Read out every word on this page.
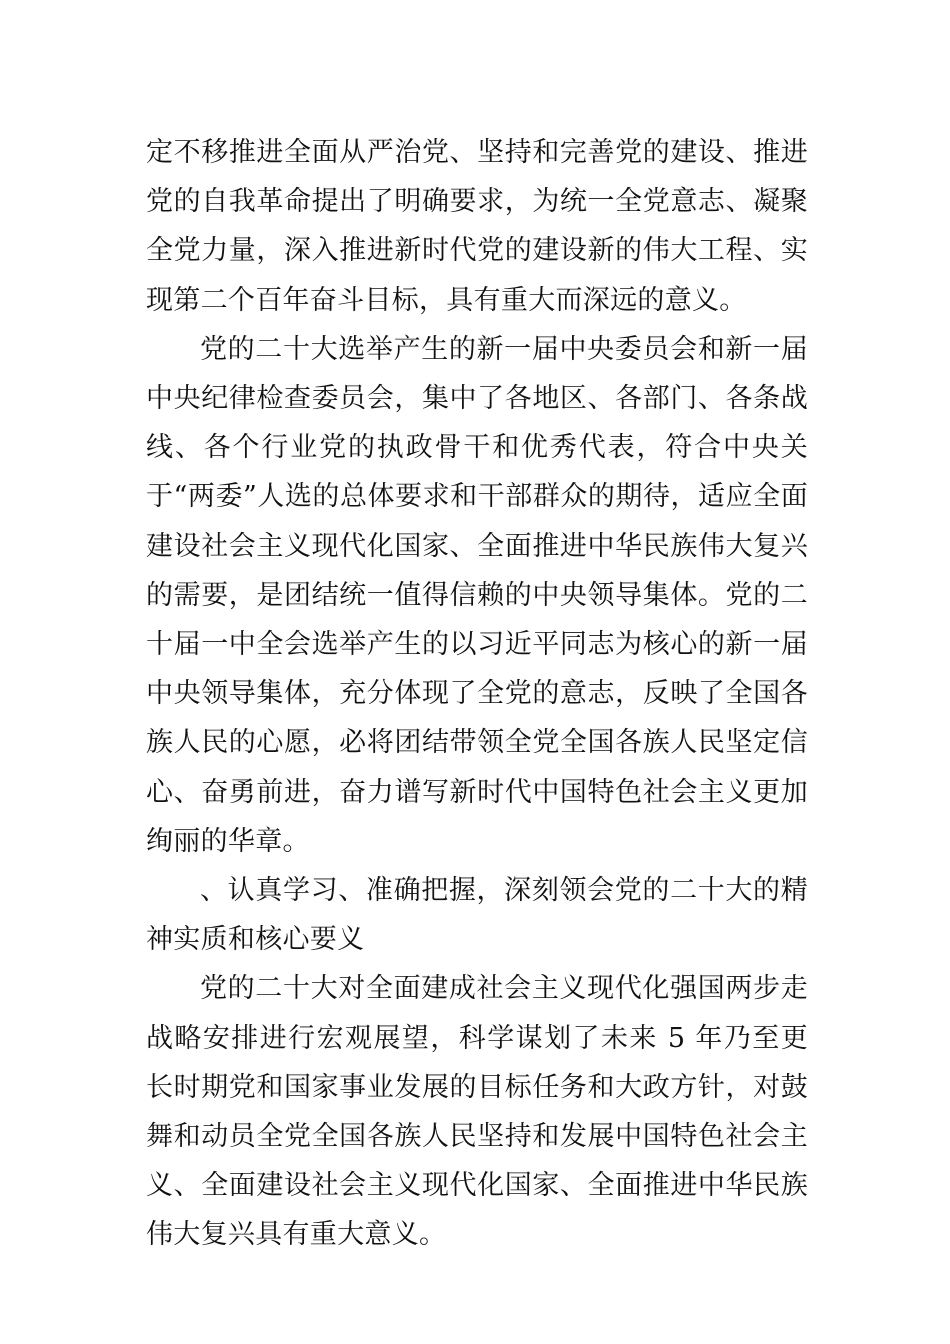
定不移推进全面从严治党、坚持和完善党的建设、推进党的自我革命提出了明确要求，为统一全党意志、凝聚全党力量，深入推进新时代党的建设新的伟大工程、实现第二个百年奋斗目标，具有重大而深远的意义。

党的二十大选举产生的新一届中央委员会和新一届中央纪律检查委员会，集中了各地区、各部门、各条战线、各个行业党的执政骨干和优秀代表，符合中央关于“两委”人选的总体要求和干部群众的期待，适应全面建设社会主义现代化国家、全面推进中华民族伟大复兴的需要，是团结统一值得信赖的中央领导集体。党的二十届一中全会选举产生的以习近平同志为核心的新一届中央领导集体，充分体现了全党的意志，反映了全国各族人民的心愿，必将团结带领全党全国各族人民坚定信心、奋勇前进，奋力谱写新时代中国特色社会主义更加绚丽的华章。

、认真学习、准确把握，深刻领会党的二十大的精神实质和核心要义

党的二十大对全面建成社会主义现代化强国两步走战略安排进行宏观展望，科学谋划了未来 5 年乃至更长时期党和国家事业发展的目标任务和大政方针，对鼓舞和动员全党全国各族人民坚持和发展中国特色社会主义、全面建设社会主义现代化国家、全面推进中华民族伟大复兴具有重大意义。
